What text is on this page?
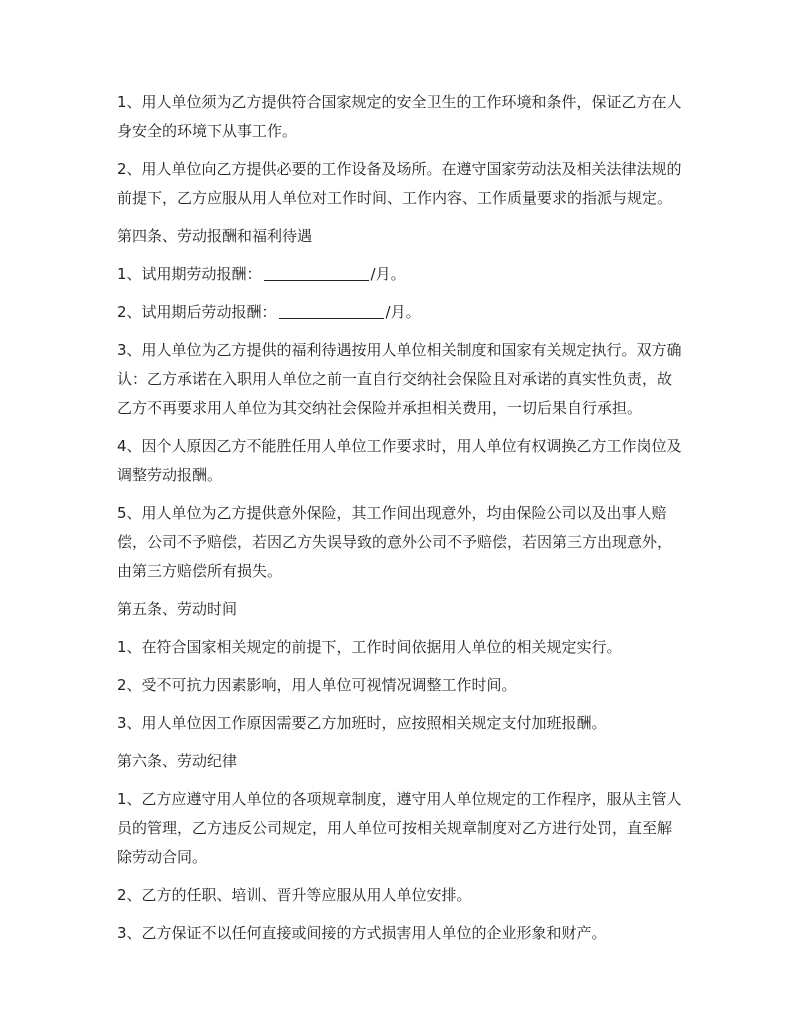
1、用人单位须为乙方提供符合国家规定的安全卫生的工作环境和条件，保证乙方在人身安全的环境下从事工作。

2、用人单位向乙方提供必要的工作设备及场所。在遵守国家劳动法及相关法律法规的前提下，乙方应服从用人单位对工作时间、工作内容、工作质量要求的指派与规定。

第四条、劳动报酬和福利待遇

1、试用期劳动报酬：	/月。

2、试用期后劳动报酬：	/月。

3、用人单位为乙方提供的福利待遇按用人单位相关制度和国家有关规定执行。双方确认：乙方承诺在入职用人单位之前一直自行交纳社会保险且对承诺的真实性负责，故乙方不再要求用人单位为其交纳社会保险并承担相关费用，一切后果自行承担。

4、因个人原因乙方不能胜任用人单位工作要求时，用人单位有权调换乙方工作岗位及调整劳动报酬。

5、用人单位为乙方提供意外保险，其工作间出现意外，均由保险公司以及出事人赔偿，公司不予赔偿，若因乙方失误导致的意外公司不予赔偿，若因第三方出现意外，由第三方赔偿所有损失。

第五条、劳动时间

1、在符合国家相关规定的前提下，工作时间依据用人单位的相关规定实行。

2、受不可抗力因素影响，用人单位可视情况调整工作时间。

3、用人单位因工作原因需要乙方加班时，应按照相关规定支付加班报酬。

第六条、劳动纪律

1、乙方应遵守用人单位的各项规章制度，遵守用人单位规定的工作程序，服从主管人员的管理，乙方违反公司规定，用人单位可按相关规章制度对乙方进行处罚，直至解除劳动合同。

2、乙方的任职、培训、晋升等应服从用人单位安排。

3、乙方保证不以任何直接或间接的方式损害用人单位的企业形象和财产。
